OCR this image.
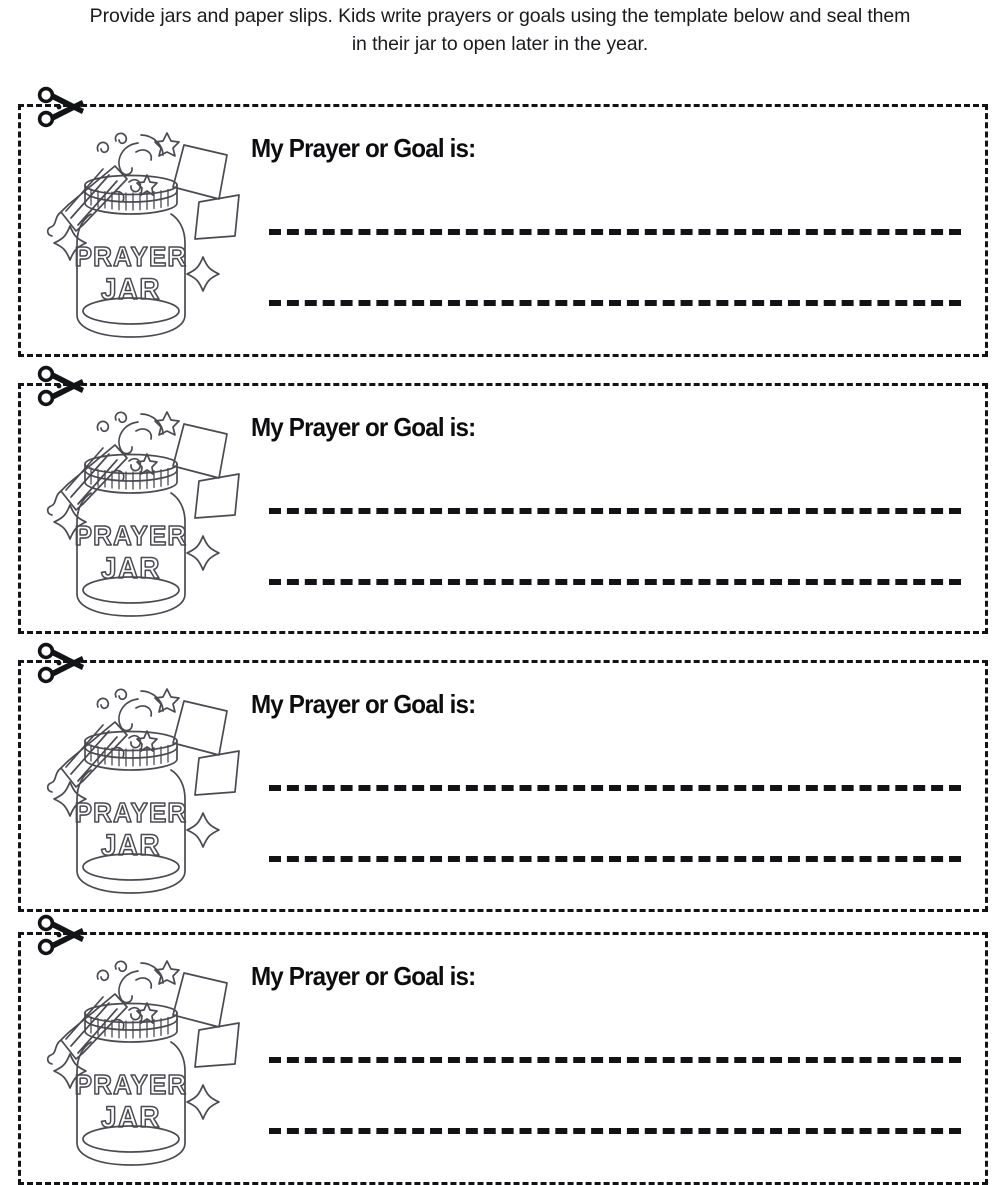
Provide jars and paper slips. Kids write prayers or goals using the template below and seal them in their jar to open later in the year.
PRAYER
JAR
My Prayer or Goal is:
PRAYER
JAR
My Prayer or Goal is:
PRAYER
JAR
My Prayer or Goal is:
PRAYER
JAR
My Prayer or Goal is:
